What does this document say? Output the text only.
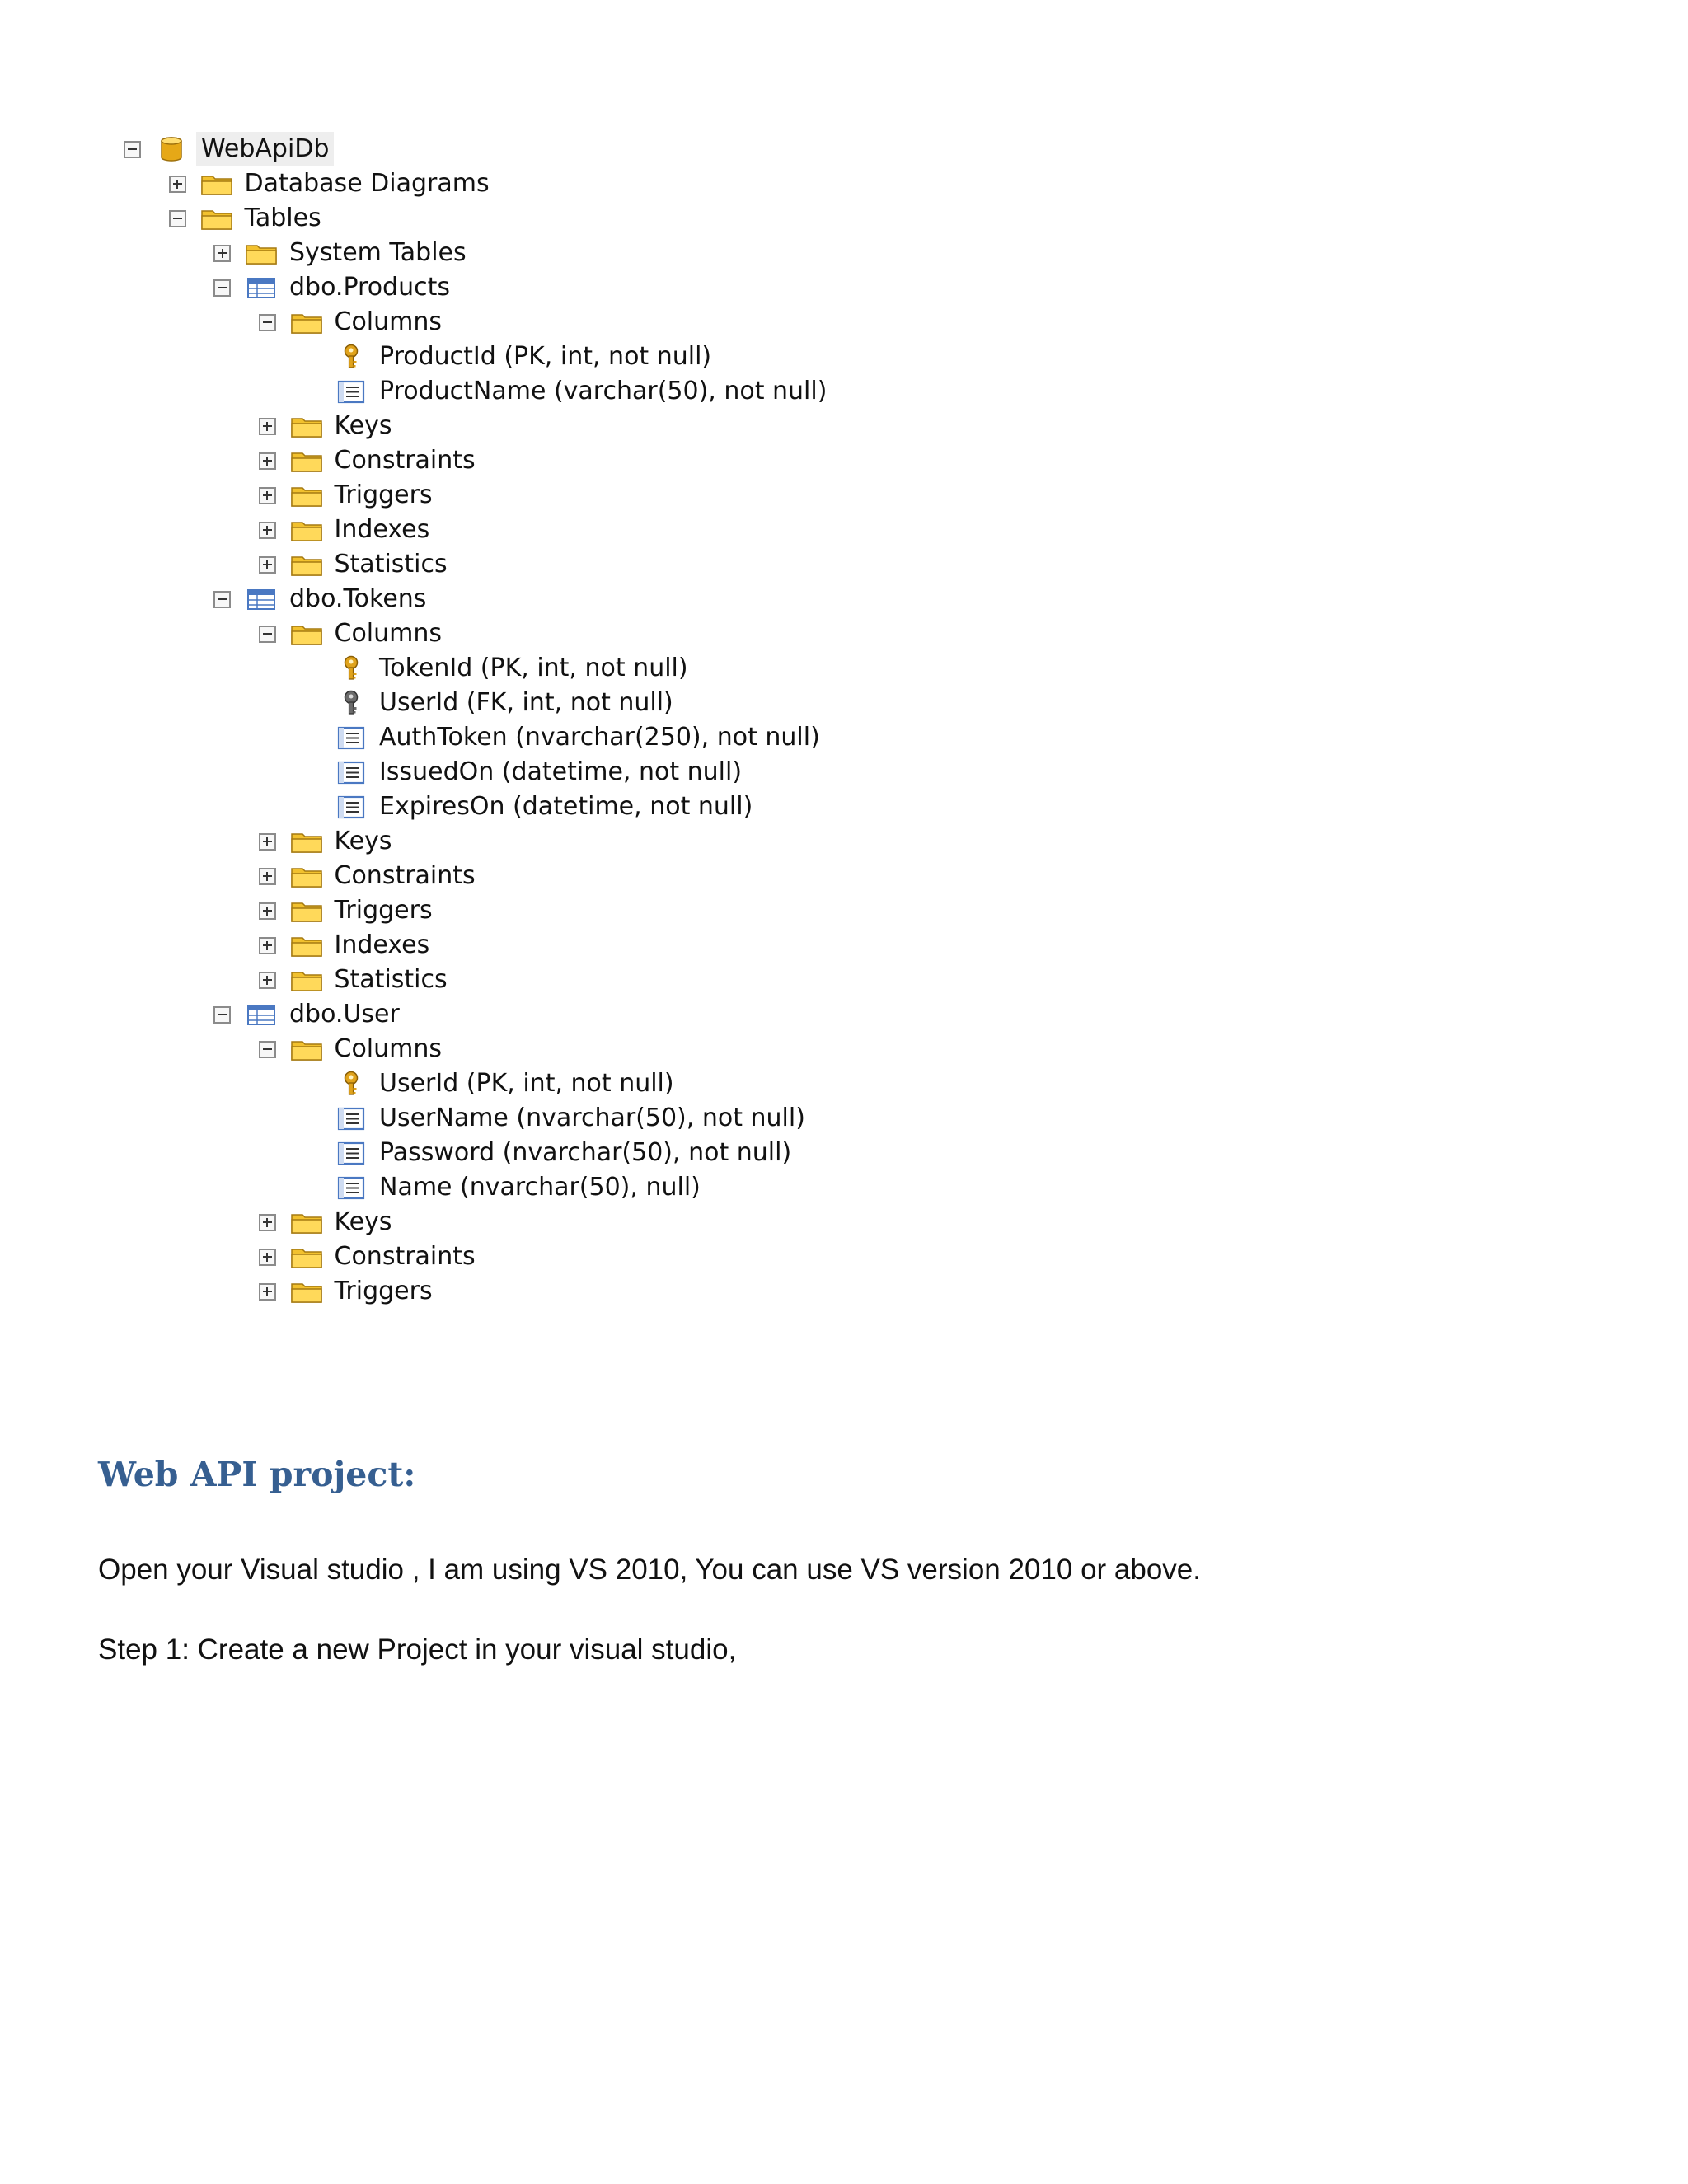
WebApiDb
Database Diagrams
Tables
System Tables
dbo.Products
Columns
ProductId (PK, int, not null)
ProductName (varchar(50), not null)
Keys
Constraints
Triggers
Indexes
Statistics
dbo.Tokens
Columns
TokenId (PK, int, not null)
UserId (FK, int, not null)
AuthToken (nvarchar(250), not null)
IssuedOn (datetime, not null)
ExpiresOn (datetime, not null)
Keys
Constraints
Triggers
Indexes
Statistics
dbo.User
Columns
UserId (PK, int, not null)
UserName (nvarchar(50), not null)
Password (nvarchar(50), not null)
Name (nvarchar(50), null)
Keys
Constraints
Triggers
Web API project:

Open your Visual studio , I am using VS 2010, You can use VS version 2010 or above.

Step 1: Create a new Project in your visual studio,
